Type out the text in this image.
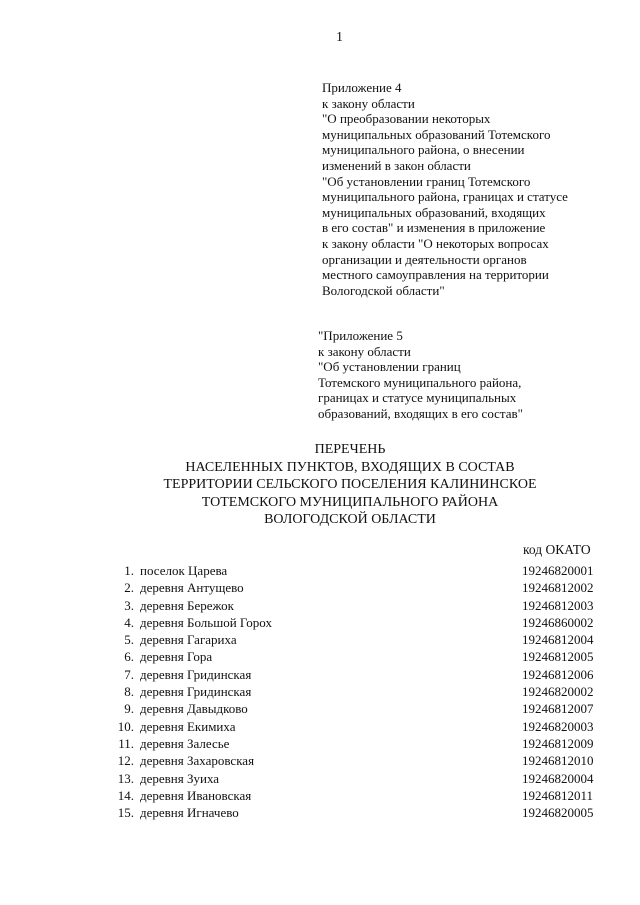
1
Приложение 4
к закону области
"О преобразовании некоторых
муниципальных образований Тотемского
муниципального района, о внесении
изменений в закон области
"Об установлении границ Тотемского
муниципального района, границах и статусе
муниципальных образований, входящих
в его состав" и изменения в приложение
к закону области "О некоторых вопросах
организации и деятельности органов
местного самоуправления на территории
Вологодской области"
"Приложение 5
к закону области
"Об установлении границ
Тотемского муниципального района,
границах и статусе муниципальных
образований, входящих в его состав"
ПЕРЕЧЕНЬ
НАСЕЛЕННЫХ ПУНКТОВ, ВХОДЯЩИХ В СОСТАВ
ТЕРРИТОРИИ СЕЛЬСКОГО ПОСЕЛЕНИЯ КАЛИНИНСКОЕ
ТОТЕМСКОГО МУНИЦИПАЛЬНОГО РАЙОНА
ВОЛОГОДСКОЙ ОБЛАСТИ
код ОКАТО
1. поселок Царева	19246820001
2. деревня Антущево	19246812002
3. деревня Бережок	19246812003
4. деревня Большой Горох	19246860002
5. деревня Гагариха	19246812004
6. деревня Гора	19246812005
7. деревня Гридинская	19246812006
8. деревня Гридинская	19246820002
9. деревня Давыдково	19246812007
10. деревня Екимиха	19246820003
11. деревня Залесье	19246812009
12. деревня Захаровская	19246812010
13. деревня Зуиха	19246820004
14. деревня Ивановская	19246812011
15. деревня Игначево	19246820005
